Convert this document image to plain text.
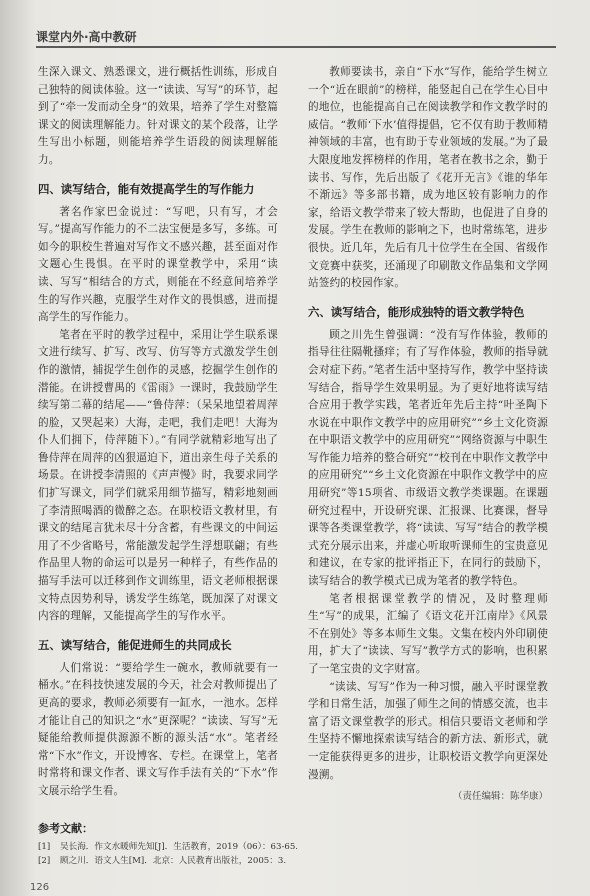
课堂内外·高中教研

生深入课文、熟悉课文，进行概括性训练，形成自己独特的阅读体验。这一“读读、写写”的环节，起到了“牵一发而动全身”的效果，培养了学生对整篇课文的阅读理解能力。针对课文的某个段落，让学生写出小标题，则能培养学生语段的阅读理解能力。

四、读写结合，能有效提高学生的写作能力

著名作家巴金说过：“写吧，只有写，才会写。”提高写作能力的不二法宝便是多写，多练。可如今的职校生普遍对写作文不感兴趣，甚至面对作文题心生畏惧。在平时的课堂教学中，采用“读读、写写”相结合的方式，则能在不经意间培养学生的写作兴趣，克服学生对作文的畏惧感，进而提高学生的写作能力。

笔者在平时的教学过程中，采用让学生联系课文进行续写、扩写、改写、仿写等方式激发学生创作的激情，捕捉学生创作的灵感，挖掘学生创作的潜能。在讲授曹禺的《雷雨》一课时，我鼓励学生续写第二幕的结尾——“鲁侍萍：（呆呆地望着周萍的脸，又哭起来）大海，走吧，我们走吧！大海为仆人们拥下，侍萍随下）。”有同学就精彩地写出了鲁侍萍在周萍的凶狠逼迫下，道出亲生母子关系的场景。在讲授李清照的《声声慢》时，我要求同学们扩写课文，同学们就采用细节描写，精彩地刻画了李清照喝酒的微醉之态。在职校语文教材里，有课文的结尾言犹未尽十分含蓄，有些课文的中间运用了不少省略号，常能激发起学生浮想联翩；有些作品里人物的命运可以是另一种样子，有些作品的描写手法可以迁移到作文训练里，语文老师根据课文特点因势利导，诱发学生练笔，既加深了对课文内容的理解，又能提高学生的写作水平。

五、读写结合，能促进师生的共同成长

人们常说：“要给学生一碗水，教师就要有一桶水。”在科技快速发展的今天，社会对教师提出了更高的要求，教师必须要有一缸水，一池水。怎样才能让自己的知识之“水”更深呢？“读读、写写”无疑能给教师提供源源不断的源头活“水”。笔者经常“下水”作文，开设博客、专栏。在课堂上，笔者时常将和课文作者、课文写作手法有关的“下水”作文展示给学生看。

教师要读书，亲自“下水”写作，能给学生树立一个“近在眼前”的榜样，能竖起自己在学生心目中的地位，也能提高自己在阅读教学和作文教学时的威信。“教师‘下水’值得提倡，它不仅有助于教师精神领域的丰富，也有助于专业领域的发展。”为了最大限度地发挥榜样的作用，笔者在教书之余，勤于读书、写作，先后出版了《花开无言》《谁的华年不渐远》等多部书籍，成为地区较有影响力的作家，给语文教学带来了较大帮助，也促进了自身的发展。学生在教师的影响之下，也时常练笔，进步很快。近几年，先后有几十位学生在全国、省级作文竞赛中获奖，还涌现了印刷散文作品集和文学网站签约的校园作家。

六、读写结合，能形成独特的语文教学特色

顾之川先生曾强调：“没有写作体验，教师的指导往往隔靴搔痒；有了写作体验，教师的指导就会对症下药。”笔者生活中坚持写作，教学中坚持读写结合，指导学生效果明显。为了更好地将读写结合应用于教学实践，笔者近年先后主持“叶圣陶下水说在中职作文教学中的应用研究”“乡土文化资源在中职语文教学中的应用研究”“网络资源与中职生写作能力培养的整合研究”“校刊在中职作文教学中的应用研究”“乡土文化资源在中职作文教学中的应用研究”等15项省、市级语文教学类课题。在课题研究过程中，开设研究课、汇报课、比赛课，督导课等各类课堂教学，将“读读、写写”结合的教学模式充分展示出来，并虚心听取听课师生的宝贵意见和建议，在专家的批评指正下，在同行的鼓励下，读写结合的教学模式已成为笔者的教学特色。

笔者根据课堂教学的情况，及时整理师生“写”的成果，汇编了《语文花开江南岸》《风景不在别处》等多本师生文集。文集在校内外印刷使用，扩大了“读读、写写”教学方式的影响，也积累了一笔宝贵的文字财富。

“读读、写写”作为一种习惯，融入平时课堂教学和日常生活，加强了师生之间的情感交流，也丰富了语文课堂教学的形式。相信只要语文老师和学生坚持不懈地探索读写结合的新方法、新形式，就一定能获得更多的进步，让职校语文教学向更深处漫溯。

（责任编辑：陈华康）
参考文献：
[1] 吴长海．作文水暖师先知[J]．生活教育，2019（06）：63-65.
[2] 顾之川．语文人生[M]．北京：人民教育出版社，2005：3.
126
